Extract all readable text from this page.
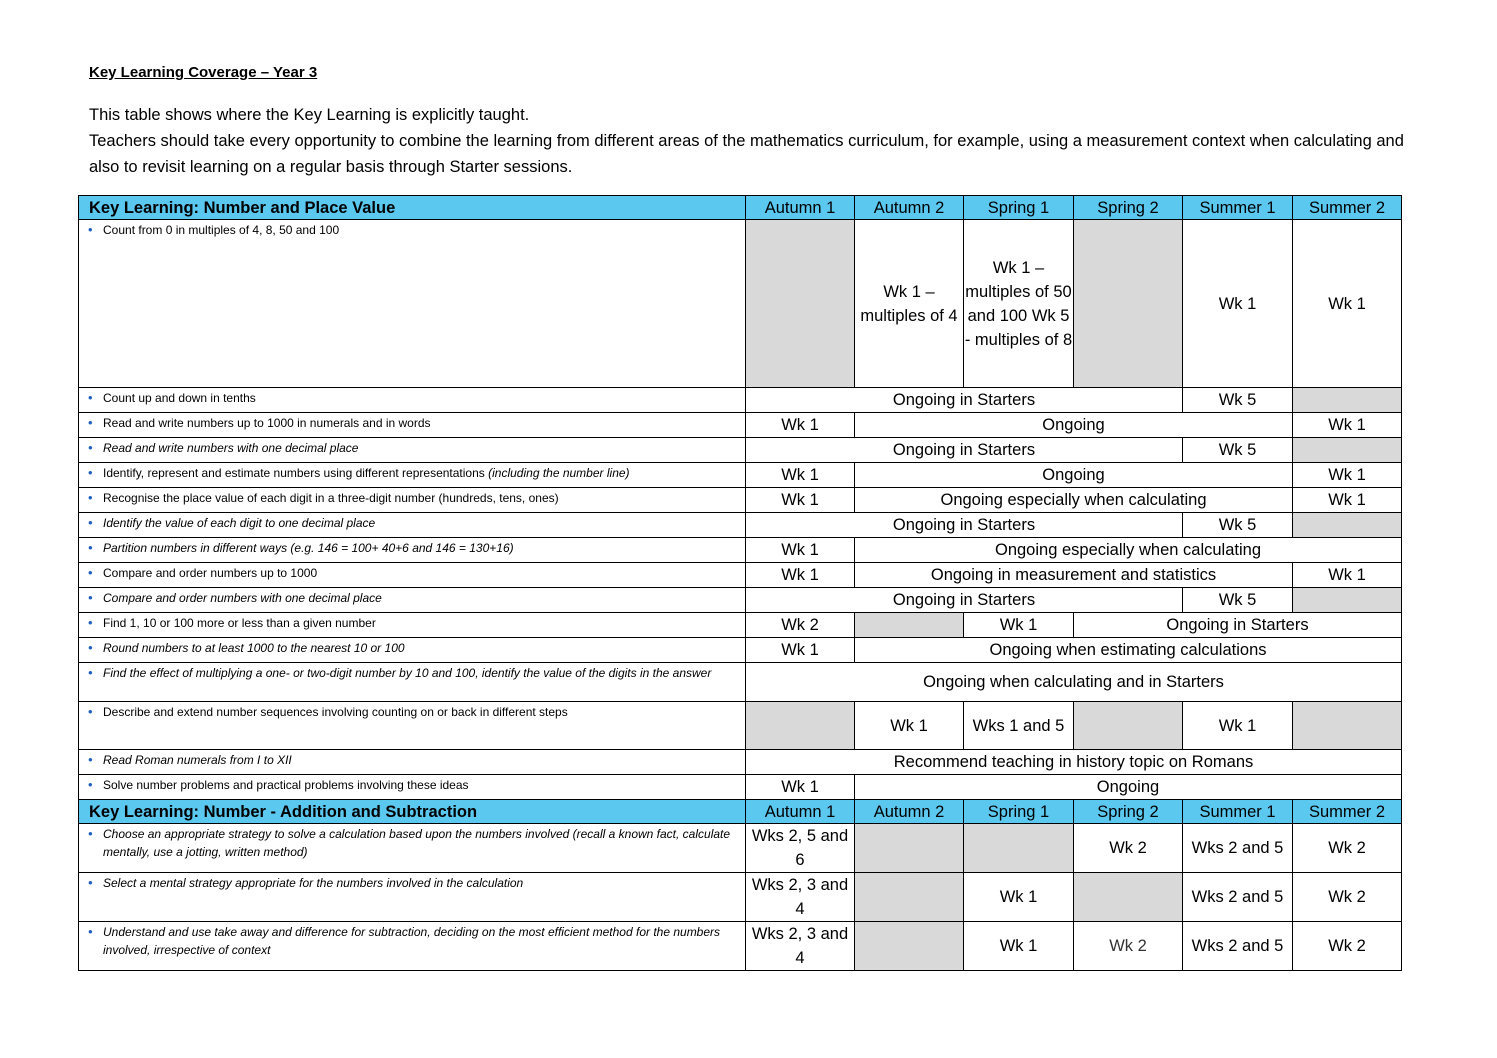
Key Learning Coverage – Year 3

This table shows where the Key Learning is explicitly taught.

Teachers should take every opportunity to combine the learning from different areas of the mathematics curriculum, for example, using a measurement context when calculating and also to revisit learning on a regular basis through Starter sessions.

Key Learning: Number and Place Value	Autumn 1	Autumn 2	Spring 1	Spring 2	Summer 1	Summer 2
• Count from 0 in multiples of 4, 8, 50 and 100		Wk 1 – multiples of 4	Wk 1 – multiples of 50 and 100 Wk 5 - multiples of 8		Wk 1	Wk 1
• Count up and down in tenths	Ongoing in Starters				Wk 5	
• Read and write numbers up to 1000 in numerals and in words	Wk 1	Ongoing				Wk 1
• Read and write numbers with one decimal place	Ongoing in Starters				Wk 5	
• Identify, represent and estimate numbers using different representations (including the number line)	Wk 1	Ongoing				Wk 1
• Recognise the place value of each digit in a three-digit number (hundreds, tens, ones)	Wk 1	Ongoing especially when calculating				Wk 1
• Identify the value of each digit to one decimal place	Ongoing in Starters				Wk 5	
• Partition numbers in different ways (e.g. 146 = 100+ 40+6 and 146 = 130+16)	Wk 1	Ongoing especially when calculating				
• Compare and order numbers up to 1000	Wk 1	Ongoing in measurement and statistics				Wk 1
• Compare and order numbers with one decimal place	Ongoing in Starters				Wk 5	
• Find 1, 10 or 100 more or less than a given number	Wk 2		Wk 1	Ongoing in Starters		
• Round numbers to at least 1000 to the nearest 10 or 100	Wk 1	Ongoing when estimating calculations				
• Find the effect of multiplying a one- or two-digit number by 10 and 100, identify the value of the digits in the answer	Ongoing when calculating and in Starters					
• Describe and extend number sequences involving counting on or back in different steps		Wk 1	Wks 1 and 5		Wk 1	
• Read Roman numerals from I to XII	Recommend teaching in history topic on Romans					
• Solve number problems and practical problems involving these ideas	Wk 1	Ongoing				
Key Learning: Number - Addition and Subtraction	Autumn 1	Autumn 2	Spring 1	Spring 2	Summer 1	Summer 2
• Choose an appropriate strategy to solve a calculation based upon the numbers involved (recall a known fact, calculate mentally, use a jotting, written method)	Wks 2, 5 and 6			Wk 2	Wks 2 and 5	Wk 2
• Select a mental strategy appropriate for the numbers involved in the calculation	Wks 2, 3 and 4		Wk 1		Wks 2 and 5	Wk 2
• Understand and use take away and difference for subtraction, deciding on the most efficient method for the numbers involved, irrespective of context	Wks 2, 3 and 4		Wk 1	Wk 2	Wks 2 and 5	Wk 2
